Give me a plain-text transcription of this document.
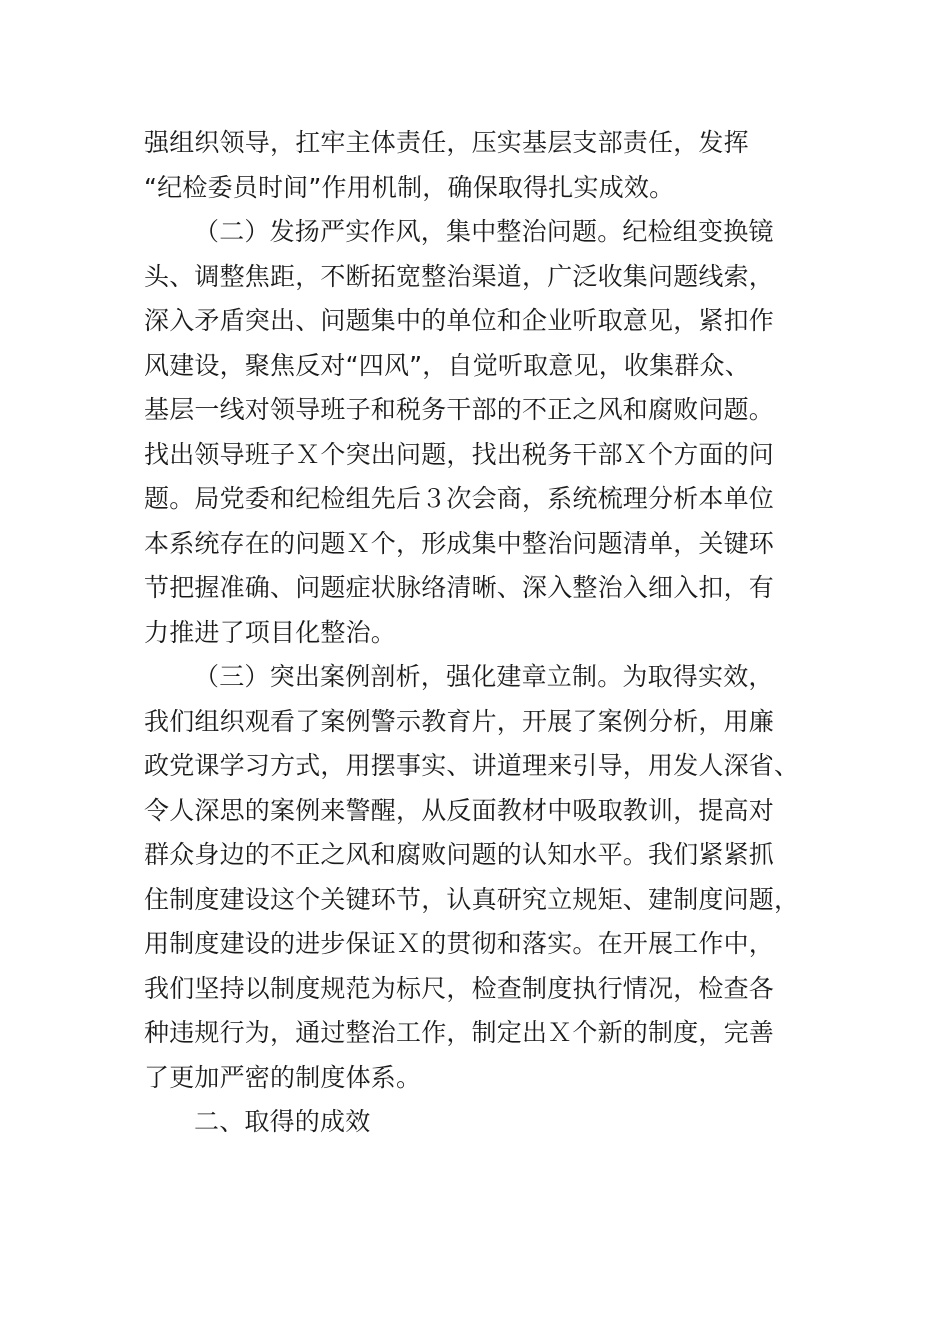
强组织领导，扛牢主体责任，压实基层支部责任，发挥
“纪检委员时间”作用机制，确保取得扎实成效。
（二）发扬严实作风，集中整治问题。纪检组变换镜
头、调整焦距，不断拓宽整治渠道，广泛收集问题线索，
深入矛盾突出、问题集中的单位和企业听取意见，紧扣作
风建设，聚焦反对“四风”，自觉听取意见，收集群众、
基层一线对领导班子和税务干部的不正之风和腐败问题。
找出领导班子Ｘ个突出问题，找出税务干部Ｘ个方面的问
题。局党委和纪检组先后３次会商，系统梳理分析本单位
本系统存在的问题Ｘ个，形成集中整治问题清单，关键环
节把握准确、问题症状脉络清晰、深入整治入细入扣，有
力推进了项目化整治。
（三）突出案例剖析，强化建章立制。为取得实效，
我们组织观看了案例警示教育片，开展了案例分析，用廉
政党课学习方式，用摆事实、讲道理来引导，用发人深省、
令人深思的案例来警醒，从反面教材中吸取教训，提高对
群众身边的不正之风和腐败问题的认知水平。我们紧紧抓
住制度建设这个关键环节，认真研究立规矩、建制度问题，
用制度建设的进步保证Ｘ的贯彻和落实。在开展工作中，
我们坚持以制度规范为标尺，检查制度执行情况，检查各
种违规行为，通过整治工作，制定出Ｘ个新的制度，完善
了更加严密的制度体系。
二、取得的成效
